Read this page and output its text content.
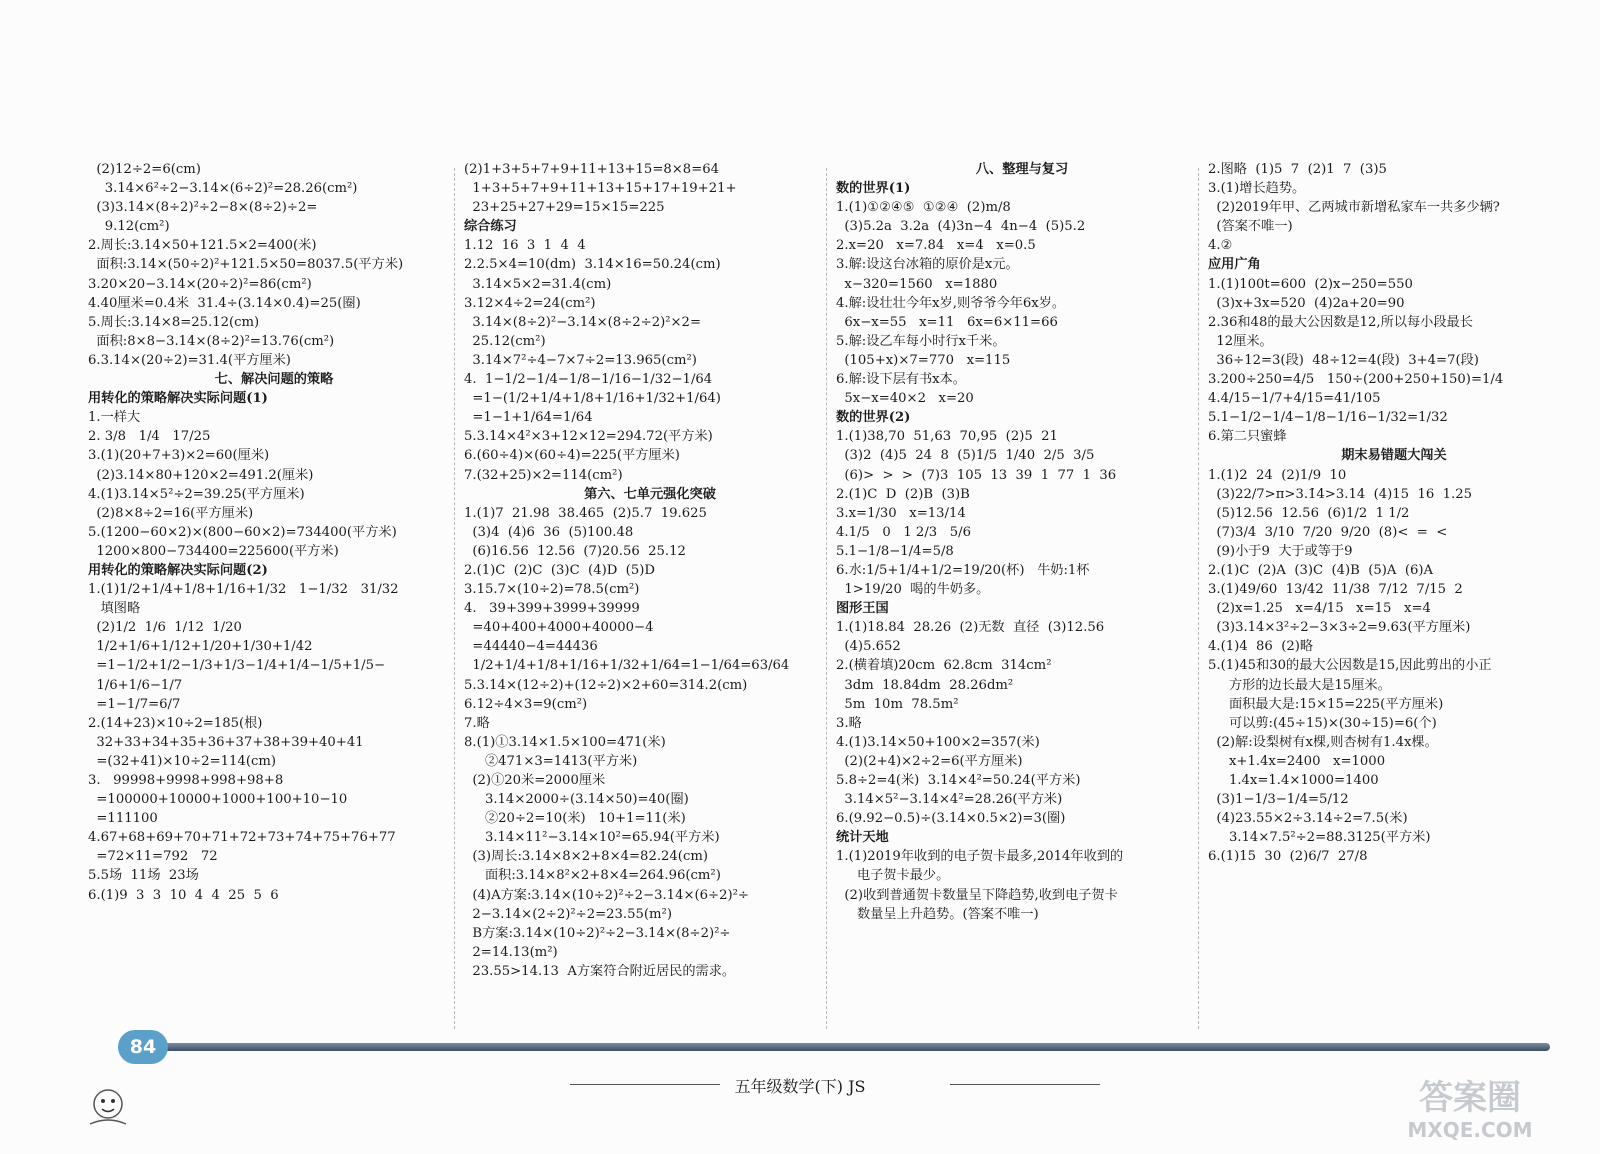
(2)12÷2=6(cm)
3.14×6²÷2−3.14×(6÷2)²=28.26(cm²)
(3)3.14×(8÷2)²÷2−8×(8÷2)÷2=
9.12(cm²)
2.周长:3.14×50+121.5×2=400(米)
面积:3.14×(50÷2)²+121.5×50=8037.5(平方米)
3.20×20−3.14×(20÷2)²=86(cm²)
4.40厘米=0.4米  31.4÷(3.14×0.4)=25(圈)
5.周长:3.14×8=25.12(cm)
面积:8×8−3.14×(8÷2)²=13.76(cm²)
6.3.14×(20÷2)=31.4(平方厘米)
七、解决问题的策略
用转化的策略解决实际问题(1)
1.一样大
2. 3/8   1/4   17/25
3.(1)(20+7+3)×2=60(厘米)
(2)3.14×80+120×2=491.2(厘米)
4.(1)3.14×5²÷2=39.25(平方厘米)
(2)8×8÷2=16(平方厘米)
5.(1200−60×2)×(800−60×2)=734400(平方米)
1200×800−734400=225600(平方米)
用转化的策略解决实际问题(2)
1.(1)1/2+1/4+1/8+1/16+1/32   1−1/32   31/32
填图略
(2)1/2  1/6  1/12  1/20
1/2+1/6+1/12+1/20+1/30+1/42
=1−1/2+1/2−1/3+1/3−1/4+1/4−1/5+1/5−
1/6+1/6−1/7
=1−1/7=6/7
2.(14+23)×10÷2=185(根)
32+33+34+35+36+37+38+39+40+41
=(32+41)×10÷2=114(cm)
3.   99998+9998+998+98+8
=100000+10000+1000+100+10−10
=111100
4.67+68+69+70+71+72+73+74+75+76+77
=72×11=792   72
5.5场  11场  23场
6.(1)9  3  3  10  4  4  25  5  6
(2)1+3+5+7+9+11+13+15=8×8=64
1+3+5+7+9+11+13+15+17+19+21+
23+25+27+29=15×15=225
综合练习
1.12  16  3  1  4  4
2.2.5×4=10(dm)  3.14×16=50.24(cm)
3.14×5×2=31.4(cm)
3.12×4÷2=24(cm²)
3.14×(8÷2)²−3.14×(8÷2÷2)²×2=
25.12(cm²)
3.14×7²÷4−7×7÷2=13.965(cm²)
4.  1−1/2−1/4−1/8−1/16−1/32−1/64
=1−(1/2+1/4+1/8+1/16+1/32+1/64)
=1−1+1/64=1/64
5.3.14×4²×3+12×12=294.72(平方米)
6.(60÷4)×(60÷4)=225(平方厘米)
7.(32+25)×2=114(cm²)
第六、七单元强化突破
1.(1)7  21.98  38.465  (2)5.7  19.625
(3)4  (4)6  36  (5)100.48
(6)16.56  12.56  (7)20.56  25.12
2.(1)C  (2)C  (3)C  (4)D  (5)D
3.15.7×(10÷2)=78.5(cm²)
4.   39+399+3999+39999
=40+400+4000+40000−4
=44440−4=44436
1/2+1/4+1/8+1/16+1/32+1/64=1−1/64=63/64
5.3.14×(12÷2)+(12÷2)×2+60=314.2(cm)
6.12÷4×3=9(cm²)
7.略
8.(1)①3.14×1.5×100=471(米)
②471×3=1413(平方米)
(2)①20米=2000厘米
3.14×2000÷(3.14×50)=40(圈)
②20÷2=10(米)   10+1=11(米)
3.14×11²−3.14×10²=65.94(平方米)
(3)周长:3.14×8×2+8×4=82.24(cm)
面积:3.14×8²×2+8×4=264.96(cm²)
(4)A方案:3.14×(10÷2)²÷2−3.14×(6÷2)²÷
2−3.14×(2÷2)²÷2=23.55(m²)
B方案:3.14×(10÷2)²÷2−3.14×(8÷2)²÷
2=14.13(m²)
23.55>14.13  A方案符合附近居民的需求。
八、整理与复习
数的世界(1)
1.(1)①②④⑤  ①②④  (2)m/8
(3)5.2a  3.2a  (4)3n−4  4n−4  (5)5.2
2.x=20   x=7.84   x=4   x=0.5
3.解:设这台冰箱的原价是x元。
x−320=1560   x=1880
4.解:设壮壮今年x岁,则爷爷今年6x岁。
6x−x=55   x=11   6x=6×11=66
5.解:设乙车每小时行x千米。
(105+x)×7=770   x=115
6.解:设下层有书x本。
5x−x=40×2   x=20
数的世界(2)
1.(1)38,70  51,63  70,95  (2)5  21
(3)2  (4)5  24  8  (5)1/5  1/40  2/5  3/5
(6)>  >  >  (7)3  105  13  39  1  77  1  36
2.(1)C  D  (2)B  (3)B
3.x=1/30   x=13/14
4.1/5   0   1 2/3   5/6
5.1−1/8−1/4=5/8
6.水:1/5+1/4+1/2=19/20(杯)   牛奶:1杯
1>19/20  喝的牛奶多。
图形王国
1.(1)18.84  28.26  (2)无数  直径  (3)12.56
(4)5.652
2.(横着填)20cm  62.8cm  314cm²
3dm  18.84dm  28.26dm²
5m  10m  78.5m²
3.略
4.(1)3.14×50+100×2=357(米)
(2)(2+4)×2÷2=6(平方厘米)
5.8÷2=4(米)  3.14×4²=50.24(平方米)
3.14×5²−3.14×4²=28.26(平方米)
6.(9.92−0.5)÷(3.14×0.5×2)=3(圈)
统计天地
1.(1)2019年收到的电子贺卡最多,2014年收到的
电子贺卡最少。
(2)收到普通贺卡数量呈下降趋势,收到电子贺卡
数量呈上升趋势。(答案不唯一)
2.图略  (1)5  7  (2)1  7  (3)5
3.(1)增长趋势。
(2)2019年甲、乙两城市新增私家车一共多少辆?
(答案不唯一)
4.②
应用广角
1.(1)100t=600  (2)x−250=550
(3)x+3x=520  (4)2a+20=90
2.36和48的最大公因数是12,所以每小段最长
12厘米。
36÷12=3(段)  48÷12=4(段)  3+4=7(段)
3.200÷250=4/5   150÷(200+250+150)=1/4
4.4/15−1/7+4/15=41/105
5.1−1/2−1/4−1/8−1/16−1/32=1/32
6.第二只蜜蜂
期末易错题大闯关
1.(1)2  24  (2)1/9  10
(3)22/7>π>3.1̇4̇>3.14  (4)15  16  1.25
(5)12.56  12.56  (6)1/2  1 1/2
(7)3/4  3/10  7/20  9/20  (8)<  =  <
(9)小于9  大于或等于9
2.(1)C  (2)A  (3)C  (4)B  (5)A  (6)A
3.(1)49/60  13/42  11/38  7/12  7/15  2
(2)x=1.25   x=4/15   x=15   x=4
(3)3.14×3²÷2−3×3÷2=9.63(平方厘米)
4.(1)4  86  (2)略
5.(1)45和30的最大公因数是15,因此剪出的小正
方形的边长最大是15厘米。
面积最大是:15×15=225(平方厘米)
可以剪:(45÷15)×(30÷15)=6(个)
(2)解:设梨树有x棵,则杏树有1.4x棵。
x+1.4x=2400   x=1000
1.4x=1.4×1000=1400
(3)1−1/3−1/4=5/12
(4)23.55×2÷3.14÷2=7.5(米)
3.14×7.5²÷2=88.3125(平方米)
6.(1)15  30  (2)6/7  27/8
84
五年级数学(下) JS	答案圈
MXQE.COM
